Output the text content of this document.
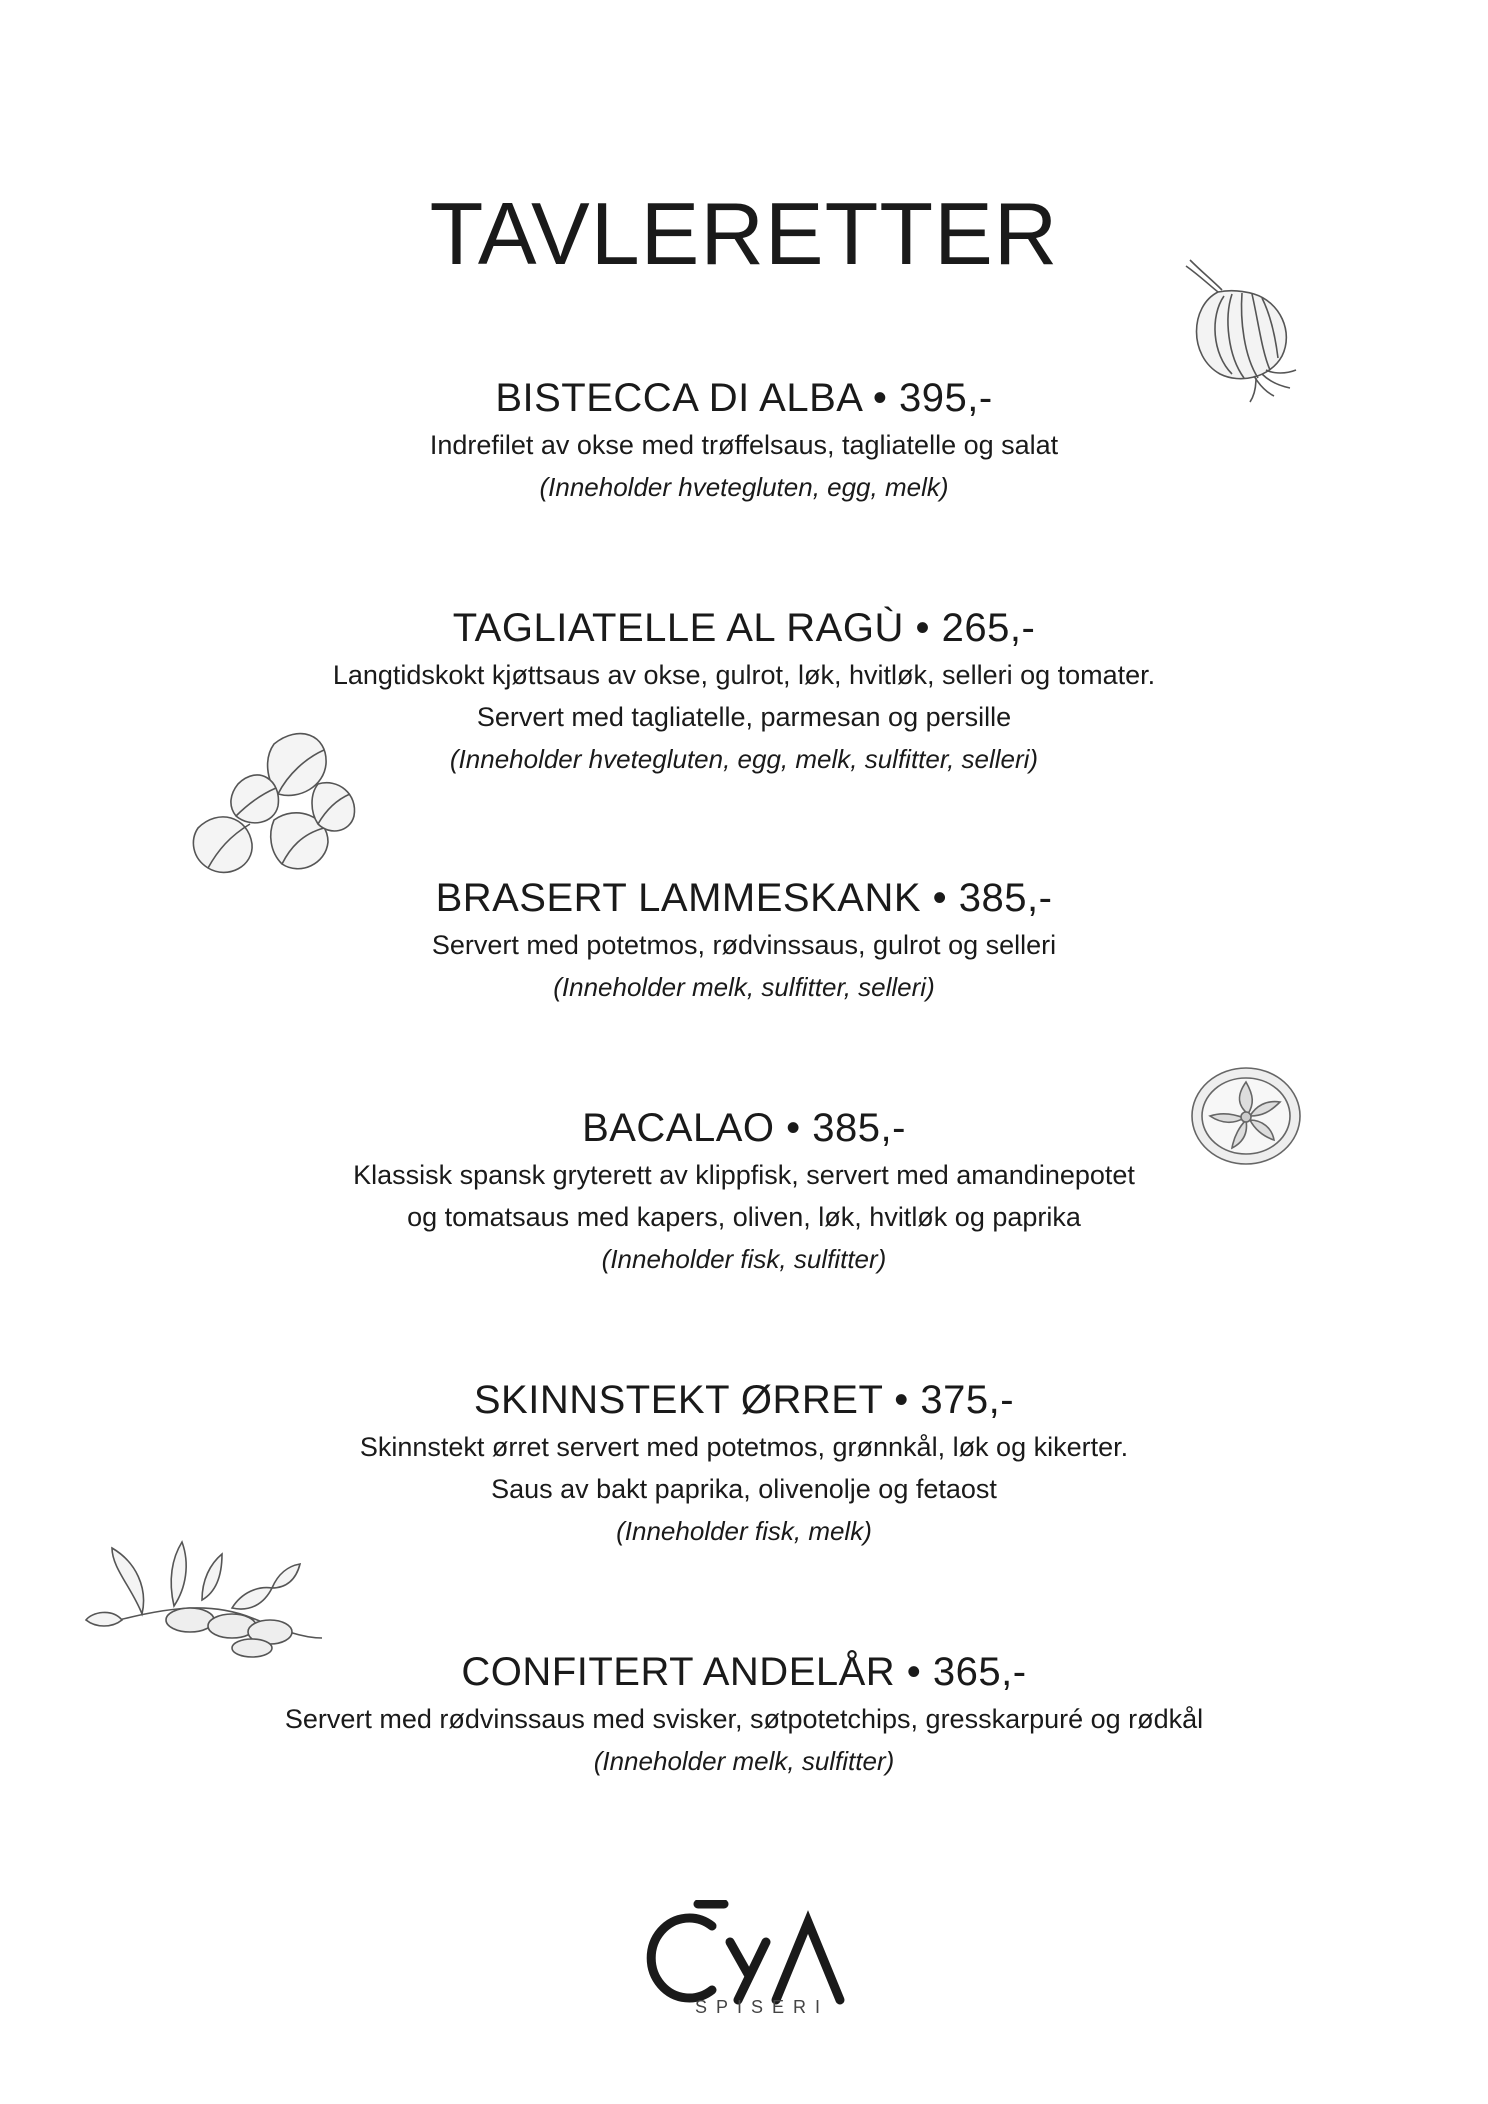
TAVLERETTER
BISTECCA DI ALBA • 395,-
Indrefilet av okse med trøffelsaus, tagliatelle og salat
(Inneholder hvetegluten, egg, melk)
TAGLIATELLE AL RAGÙ • 265,-
Langtidskokt kjøttsaus av okse, gulrot, løk, hvitløk, selleri og tomater.
Servert med tagliatelle, parmesan og persille
(Inneholder hvetegluten, egg, melk, sulfitter, selleri)
BRASERT LAMMESKANK • 385,-
Servert med potetmos, rødvinssaus, gulrot og selleri
(Inneholder melk, sulfitter, selleri)
BACALAO • 385,-
Klassisk spansk gryterett av klippfisk, servert med amandinepotet
og tomatsaus med kapers, oliven, løk, hvitløk og paprika
(Inneholder fisk, sulfitter)
SKINNSTEKT ØRRET • 375,-
Skinnstekt ørret servert med potetmos, grønnkål, løk og kikerter.
Saus av bakt paprika, olivenolje og fetaost
(Inneholder fisk, melk)
CONFITERT ANDELÅR • 365,-
Servert med rødvinssaus med svisker, søtpotetchips, gresskarpuré og rødkål
(Inneholder melk, sulfitter)
SPISERI
